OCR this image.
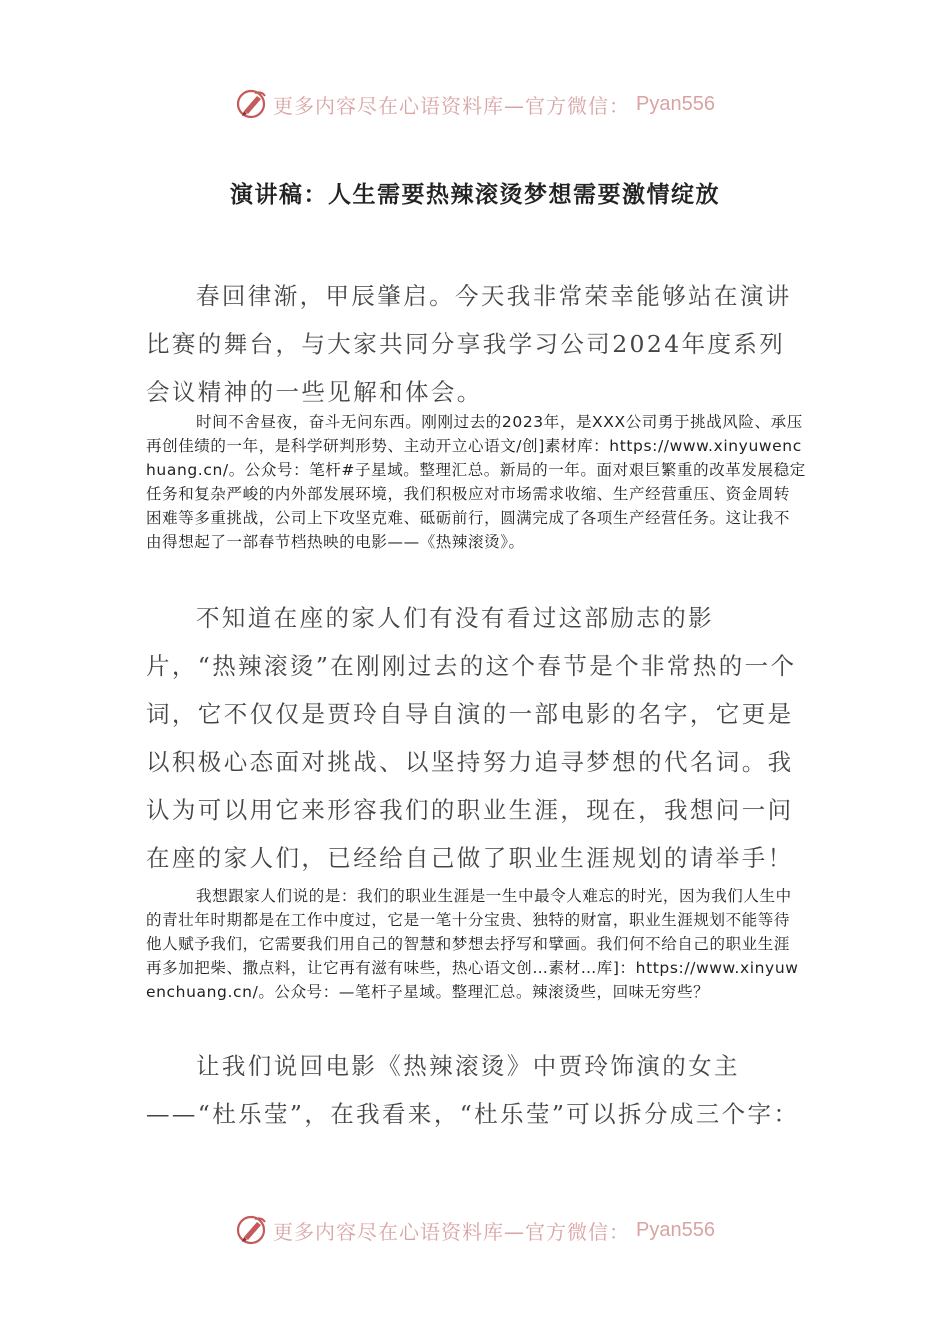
更多内容尽在心语资料库—官方微信： Pyan556
演讲稿：人生需要热辣滚烫梦想需要激情绽放

春回律渐，甲辰肇启。今天我非常荣幸能够站在演讲比赛的舞台，与大家共同分享我学习公司2024年度系列会议精神的一些见解和体会。

时间不舍昼夜，奋斗无问东西。刚刚过去的2023年，是XXX公司勇于挑战风险、承压再创佳绩的一年，是科学研判形势、主动开立心语文/创]素材库：https://www.xinyuwenchuang.cn/。公众号：笔杆#子星域。整理汇总。新局的一年。面对艰巨繁重的改革发展稳定任务和复杂严峻的内外部发展环境，我们积极应对市场需求收缩、生产经营重压、资金周转困难等多重挑战，公司上下攻坚克难、砥砺前行，圆满完成了各项生产经营任务。这让我不由得想起了一部春节档热映的电影——《热辣滚烫》。

不知道在座的家人们有没有看过这部励志的影片，“热辣滚烫”在刚刚过去的这个春节是个非常热的一个词，它不仅仅是贾玲自导自演的一部电影的名字，它更是以积极心态面对挑战、以坚持努力追寻梦想的代名词。我认为可以用它来形容我们的职业生涯，现在，我想问一问在座的家人们，已经给自己做了职业生涯规划的请举手！

我想跟家人们说的是：我们的职业生涯是一生中最令人难忘的时光，因为我们人生中的青壮年时期都是在工作中度过，它是一笔十分宝贵、独特的财富，职业生涯规划不能等待他人赋予我们，它需要我们用自己的智慧和梦想去抒写和擘画。我们何不给自己的职业生涯再多加把柴、撒点料，让它再有滋有味些，热心语文创…素材…库]：https://www.xinyuwenchuang.cn/。公众号：—笔杆子星域。整理汇总。辣滚烫些，回味无穷些？

让我们说回电影《热辣滚烫》中贾玲饰演的女主——“杜乐莹”，在我看来，“杜乐莹”可以拆分成三个字：

更多内容尽在心语资料库—官方微信： Pyan556
